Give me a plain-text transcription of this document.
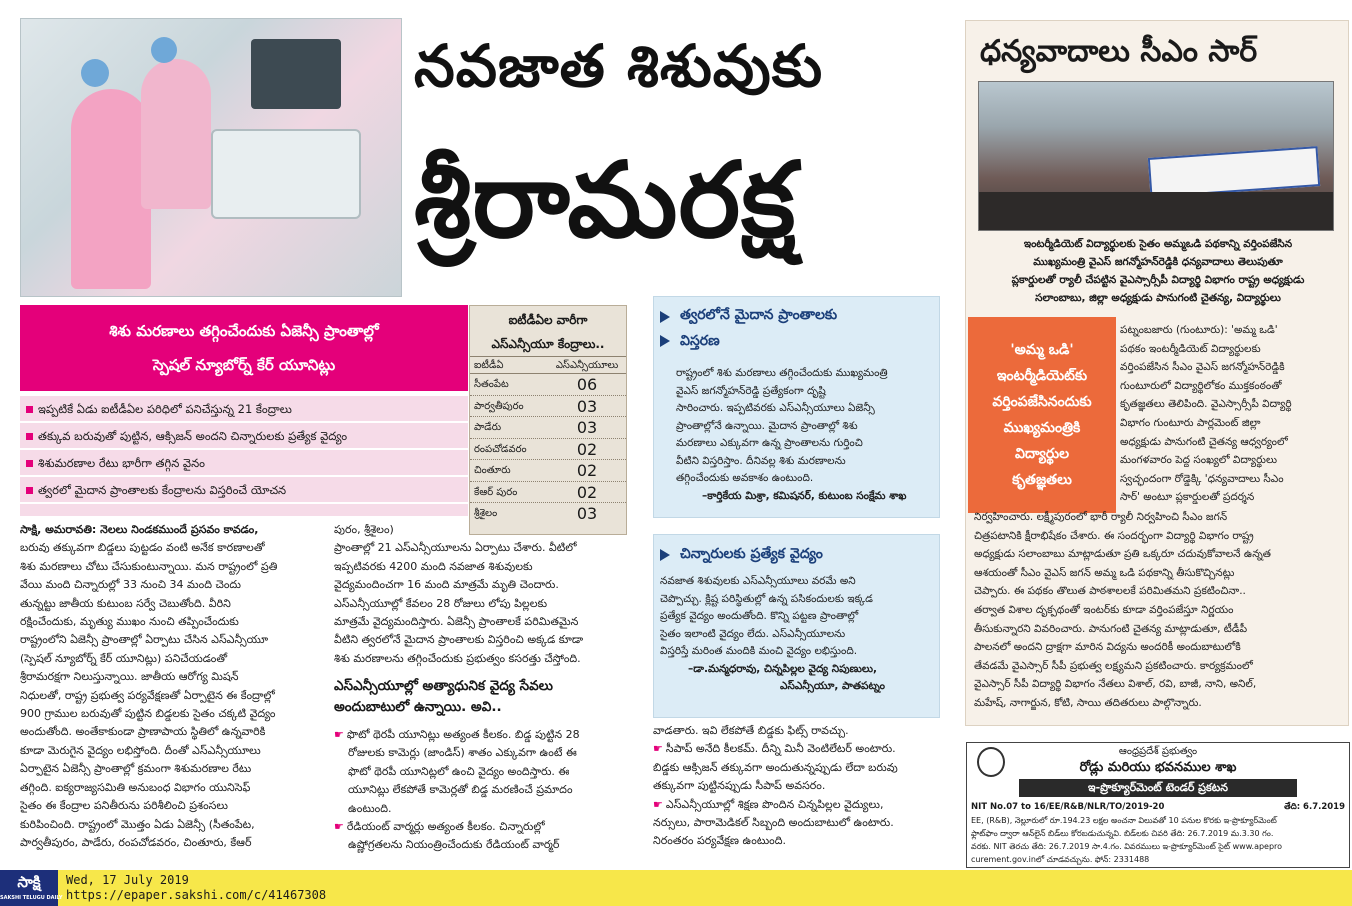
నవజాత శిశువుకు
శ్రీరామరక్ష
శిశు మరణాలు తగ్గించేందుకు ఏజెన్సీ ప్రాంతాల్లో
స్పెషల్ న్యూబోర్న్ కేర్ యూనిట్లు
ఇప్పటికే ఏడు ఐటీడీఏల పరిధిలో పనిచేస్తున్న 21 కేంద్రాలు
తక్కువ బరువుతో పుట్టిన, ఆక్సిజన్ అందని చిన్నారులకు ప్రత్యేక వైద్యం
శిశుమరణాల రేటు భారీగా తగ్గిన వైనం
త్వరలో మైదాన ప్రాంతాలకు కేంద్రాలను విస్తరించే యోచన
ఐటీడీఏల వారీగా
ఎస్ఎన్సీయూ కేంద్రాలు..
ఐటీడీఏ	ఎస్ఎన్సీయూలు
సీతంపేట	06
పార్వతీపురం	03
పాడేరు	03
రంపచోడవరం	02
చింతూరు	02
కేఆర్ పురం	02
శ్రీశైలం	03

సాక్షి, అమరావతి: నెలలు నిండకముందే ప్రసవం కావడం,

బరువు తక్కువగా బిడ్డలు పుట్టడం వంటి అనేక కారణాలతో

శిశు మరణాలు చోటు చేసుకుంటున్నాయి. మన రాష్ట్రంలో ప్రతి

వేయి మంది చిన్నారుల్లో 33 నుంచి 34 మంది చెందు

తున్నట్టు జాతీయ కుటుంబ సర్వే చెబుతోంది. వీరిని

రక్షించేందుకు, మృత్యు ముఖం నుంచి తప్పించేందుకు

రాష్ట్రంలోని ఏజెన్సీ ప్రాంతాల్లో ఏర్పాటు చేసిన ఎస్ఎన్సీయూ

(స్పెషల్ న్యూబోర్న్ కేర్ యూనిట్లు) పనిచేయడంతో

శ్రీరామరక్షగా నిలుస్తున్నాయి. జాతీయ ఆరోగ్య మిషన్

నిధులతో, రాష్ట్ర ప్రభుత్వ పర్యవేక్షణతో ఏర్పాటైన ఈ కేంద్రాల్లో

900 గ్రాముల బరువుతో పుట్టిన బిడ్డలకు సైతం చక్కటి వైద్యం

అందుతోంది. అంతేకాకుండా ప్రాణాపాయ స్థితిలో ఉన్నవారికి

కూడా మెరుగైన వైద్యం లభిస్తోంది. దీంతో ఎస్ఎన్సీయూలు

ఏర్పాటైన ఏజెన్సీ ప్రాంతాల్లో క్రమంగా శిశుమరణాల రేటు

తగ్గింది. ఐక్యరాజ్యసమితి అనుబంధ విభాగం యునిసెఫ్

సైతం ఈ కేంద్రాల పనితీరును పరిశీలించి ప్రశంసలు

కురిపించింది. రాష్ట్రంలో మొత్తం ఏడు ఏజెన్సీ (సీతంపేట,

పార్వతీపురం, పాడేరు, రంపచోడవరం, చింతూరు, కేఆర్

పురం, శ్రీశైలం)

ప్రాంతాల్లో 21 ఎస్ఎన్సీయూలను ఏర్పాటు చేశారు. వీటిలో

ఇప్పటివరకు 4200 మంది నవజాత శిశువులకు

వైద్యమందించగా 16 మంది మాత్రమే మృతి చెందారు.

ఎస్ఎన్సీయూల్లో కేవలం 28 రోజులు లోపు పిల్లలకు

మాత్రమే వైద్యమందిస్తారు. ఏజెన్సీ ప్రాంతాలకే పరిమితమైన

వీటిని త్వరలోనే మైదాన ప్రాంతాలకు విస్తరించి అక్కడ కూడా

శిశు మరణాలను తగ్గించేందుకు ప్రభుత్వం కసరత్తు చేస్తోంది.

ఎస్ఎన్సీయూల్లో అత్యాధునిక వైద్య సేవలు

అందుబాటులో ఉన్నాయి. అవి..

☛ ఫొటో థెరపీ యూనిట్లు అత్యంత కీలకం. బిడ్డ పుట్టిన 28

రోజులకు కామెర్లు (జాండిస్) శాతం ఎక్కువగా ఉంటే ఈ

ఫొటో థెరపీ యూనిట్లలో ఉంచి వైద్యం అందిస్తారు. ఈ

యూనిట్లు లేకపోతే కామెర్లతో బిడ్డ మరణించే ప్రమాదం

ఉంటుంది.

☛ రేడియంట్ వార్మర్లు అత్యంత కీలకం. చిన్నారుల్లో

ఉష్ణోగ్రతలను నియంత్రించేందుకు రేడియంట్ వార్మర్

త్వరలోనే మైదాన ప్రాంతాలకు
విస్తరణ

రాష్ట్రంలో శిశు మరణాలు తగ్గించేందుకు ముఖ్యమంత్రి

వైఎస్ జగన్మోహన్‌రెడ్డి ప్రత్యేకంగా దృష్టి

సారించారు. ఇప్పటివరకు ఎస్ఎన్సీయూలు ఏజెన్సీ

ప్రాంతాల్లోనే ఉన్నాయి. మైదాన ప్రాంతాల్లో శిశు

మరణాలు ఎక్కువగా ఉన్న ప్రాంతాలను గుర్తించి

వీటిని విస్తరిస్తాం. దీనివల్ల శిశు మరణాలను

తగ్గించేందుకు అవకాశం ఉంటుంది.

–కార్తికేయ మిశ్రా, కమిషనర్, కుటుంబ సంక్షేమ శాఖ

చిన్నారులకు ప్రత్యేక వైద్యం

నవజాత శిశువులకు ఎస్ఎన్సీయూలు వరమే అని

చెప్పొచ్చు. క్లిష్ట పరిస్థితుల్లో ఉన్న పసికందులకు ఇక్కడ

ప్రత్యేక వైద్యం అందుతోంది. కొన్ని పట్టణ ప్రాంతాల్లో

సైతం ఇలాంటి వైద్యం లేదు. ఎస్ఎన్సీయూలను

విస్తరిస్తే మరింత మందికి మంచి వైద్యం లభిస్తుంది.

–డా.మన్మధరావు, చిన్నపిల్లల వైద్య నిపుణులు,

ఎస్ఎన్సీయూ, పాతపట్నం

వాడతారు. ఇవి లేకపోతే బిడ్డకు ఫిట్స్ రావచ్చు.

☛ సీపాప్ అనేది కీలకమ్. దీన్ని మినీ వెంటిలేటర్ అంటారు.

బిడ్డకు ఆక్సిజన్ తక్కువగా అందుతున్నప్పుడు లేదా బరువు

తక్కువగా పుట్టినప్పుడు సీపాప్ అవసరం.

☛ ఎస్ఎన్సీయూల్లో శిక్షణ పొందిన చిన్నపిల్లల వైద్యులు,

నర్సులు, పారామెడికల్ సిబ్బంది అందుబాటులో ఉంటారు.

నిరంతరం పర్యవేక్షణ ఉంటుంది.

ధన్యవాదాలు సీఎం సార్

ఇంటర్మీడియెట్ విద్యార్థులకు సైతం అమ్మఒడి పథకాన్ని వర్తింపజేసిన

ముఖ్యమంత్రి వైఎస్ జగన్మోహన్‌రెడ్డికి ధన్యవాదాలు తెలుపుతూ

ప్లకార్డులతో ర్యాలీ చేపట్టిన వైఎస్సార్సీపీ విద్యార్థి విభాగం రాష్ట్ర అధ్యక్షుడు

సలాంబాబు, జిల్లా అధ్యక్షుడు పానుగంటి చైతన్య, విద్యార్థులు

'అమ్మ ఒడి'
ఇంటర్మీడియెట్‌కు
వర్తింపజేసినందుకు
ముఖ్యమంత్రికి
విద్యార్థుల
కృతజ్ఞతలు

పట్నంబజారు (గుంటూరు): 'అమ్మ ఒడి'

పథకం ఇంటర్మీడియెట్ విద్యార్థులకు

వర్తింపజేసిన సీఎం వైఎస్ జగన్మోహన్‌రెడ్డికి

గుంటూరులో విద్యార్థిలోకం ముక్తకంఠంతో

కృతజ్ఞతలు తెలిపింది. వైఎస్సార్సీపీ విద్యార్థి

విభాగం గుంటూరు పార్లమెంట్ జిల్లా

అధ్యక్షుడు పానుగంటి చైతన్య ఆధ్వర్యంలో

మంగళవారం పెద్ద సంఖ్యలో విద్యార్థులు

స్వచ్ఛందంగా రోడ్డెక్కి 'ధన్యవాదాలు సీఎం

సార్' అంటూ ప్లకార్డులతో ప్రదర్శన

నిర్వహించారు. లక్ష్మీపురంలో భారీ ర్యాలీ నిర్వహించి సీఎం జగన్

చిత్రపటానికి క్షీరాభిషేకం చేశారు. ఈ సందర్భంగా విద్యార్థి విభాగం రాష్ట్ర

అధ్యక్షుడు సలాంబాబు మాట్లాడుతూ ప్రతి ఒక్కరూ చదువుకోవాలనే ఉన్నత

ఆశయంతో సీఎం వైఎస్ జగన్ అమ్మ ఒడి పథకాన్ని తీసుకొచ్చినట్లు

చెప్పారు. ఈ పథకం తొలుత పాఠశాలలకే పరిమితమని ప్రకటించినా..

తర్వాత విశాల దృక్పథంతో ఇంటర్‌కు కూడా వర్తింపజేస్తూ నిర్ణయం

తీసుకున్నారని వివరించారు. పానుగంటి చైతన్య మాట్లాడుతూ, టీడీపీ

పాలనలో అందని ద్రాక్షగా మారిన విద్యను అందరికీ అందుబాటులోకి

తేవడమే వైఎస్సార్ సీపీ ప్రభుత్వ లక్ష్యమని ప్రకటించారు. కార్యక్రమంలో

వైఎస్సార్ సీపీ విద్యార్థి విభాగం నేతలు విశాల్, రవి, బాజీ, నాని, అనిల్,

మహేష్, నాగార్జున, కోటి, సాయి తదితరులు పాల్గొన్నారు.

ఆంధ్రప్రదేశ్ ప్రభుత్వం
రోడ్లు మరియు భవనముల శాఖ
ఇ-ప్రొక్యూర్‌మెంట్ టెండర్ ప్రకటన
NIT No.07 to 16/EE/R&B/NLR/TO/2019-20	తేది: 6.7.2019

EE, (R&B), నెల్లూరులో రూ.194.23 లక్షల అంచనా విలువతో 10 పనుల కొరకు ఇ-ప్రొక్యూర్‌మెంట్

ఫ్లాట్‌ఫాం ద్వారా ఆన్‌లైన్ బిడ్‌లు కోరబడుచున్నవి. బిడ్‌లకు చివరి తేది: 26.7.2019 మ.3.30 గం.

వరకు. NIT తెరచు తేది: 26.7.2019 సా.4.గం. వివరములు ఇ-ప్రొక్యూర్‌మెంట్ సైట్ www.apepro

curement.gov.inలో చూడవచ్చును. ఫోన్: 2331488

సాక్షి
SAKSHI TELUGU DAILY
Wed, 17 July 2019
https://epaper.sakshi.com/c/41467308
